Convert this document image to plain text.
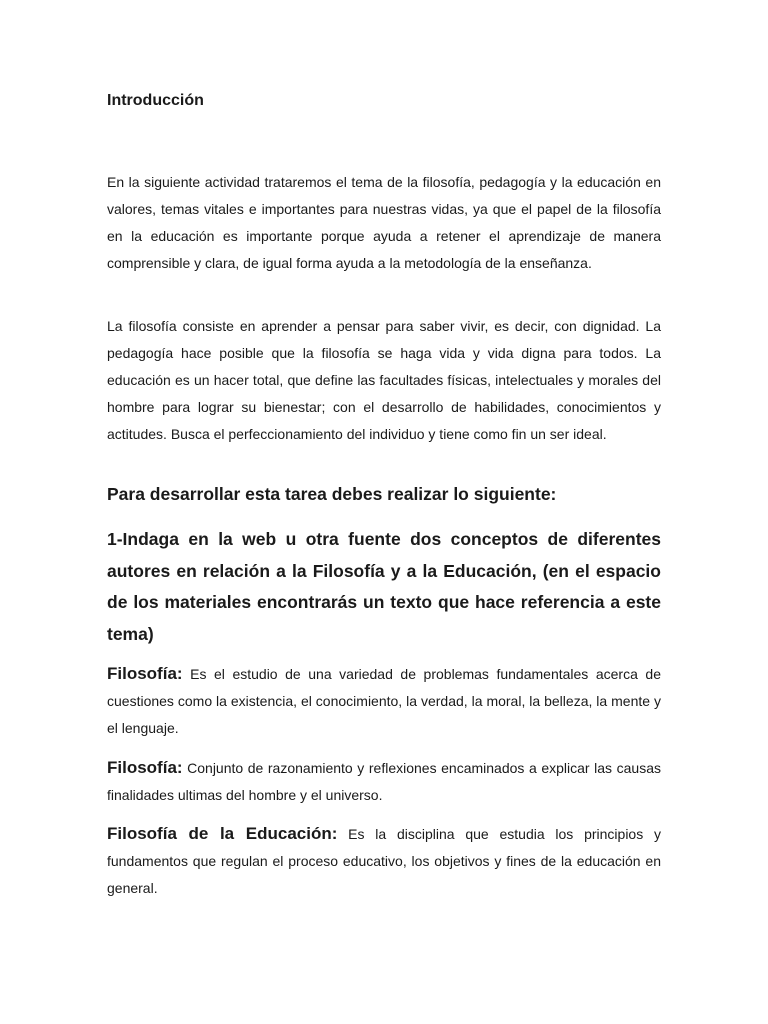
Introducción

En la siguiente actividad trataremos el tema de la filosofía, pedagogía y la educación en valores, temas vitales e importantes para nuestras vidas, ya que el papel de la filosofía en la educación es importante porque ayuda a retener el aprendizaje de manera comprensible y clara, de igual forma ayuda a la metodología de la enseñanza.

La filosofía consiste en aprender a pensar para saber vivir, es decir, con dignidad. La pedagogía hace posible que la filosofía se haga vida y vida digna para todos. La educación es un hacer total, que define las facultades físicas, intelectuales y morales del hombre para lograr su bienestar; con el desarrollo de habilidades, conocimientos y actitudes. Busca el perfeccionamiento del individuo y tiene como fin un ser ideal.

Para desarrollar esta tarea debes realizar lo siguiente:

1-Indaga en la web u otra fuente dos conceptos de diferentes autores en relación a la Filosofía y a la Educación, (en el espacio de los materiales encontrarás un texto que hace referencia a este tema)

Filosofía: Es el estudio de una variedad de problemas fundamentales acerca de cuestiones como la existencia, el conocimiento, la verdad, la moral, la belleza, la mente y el lenguaje.

Filosofía: Conjunto de razonamiento y reflexiones encaminados a explicar las causas finalidades ultimas del hombre y el universo.

Filosofía de la Educación: Es la disciplina que estudia los principios y fundamentos que regulan el proceso educativo, los objetivos y fines de la educación en general.
